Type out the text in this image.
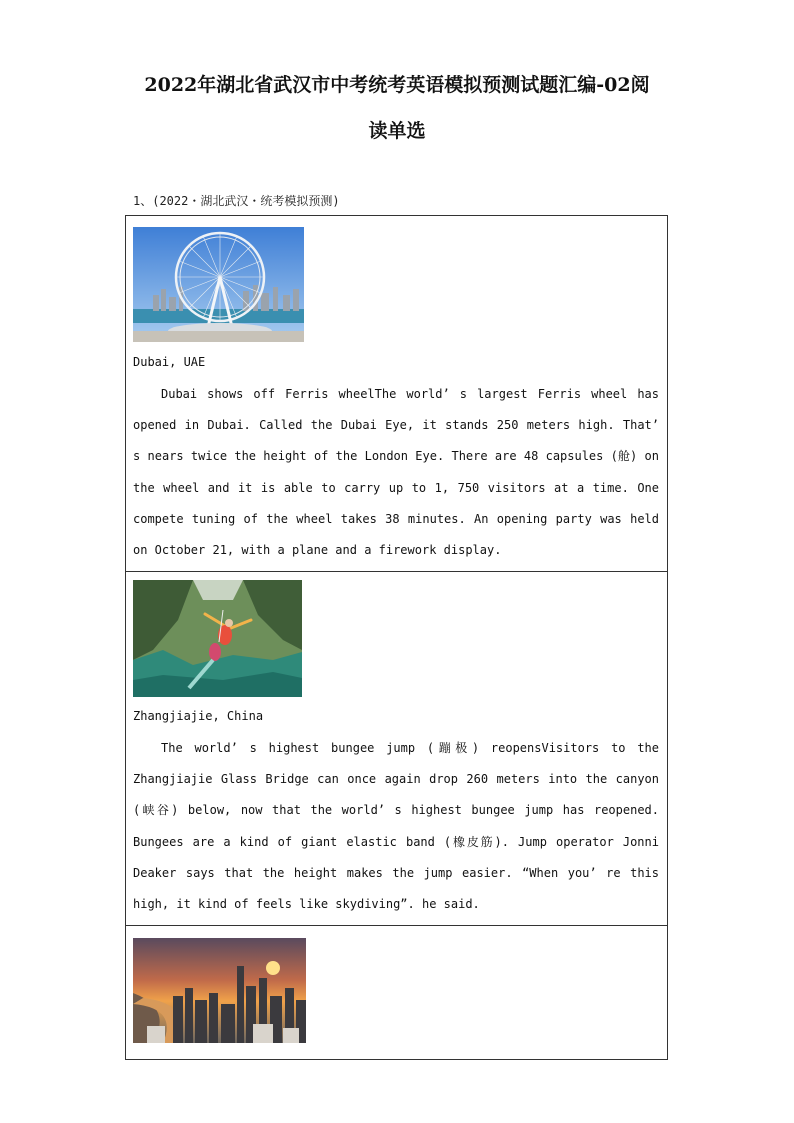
2022年湖北省武汉市中考统考英语模拟预测试题汇编-02阅
读单选
1、(2022・湖北武汉・统考模拟预测)
Dubai, UAE
Dubai shows off Ferris wheelThe world’ s largest Ferris wheel has opened in Dubai. Called the Dubai Eye, it stands 250 meters high. That’ s nears twice the height of the London Eye. There are 48 capsules (舱) on the wheel and it is able to carry up to 1, 750 visitors at a time. One compete tuning of the wheel takes 38 minutes. An opening party was held on October 21, with a plane and a firework display.
Zhangjiajie, China
The world’ s highest bungee jump (蹦极) reopensVisitors to the Zhangjiajie Glass Bridge can once again drop 260 meters into the canyon (峡谷) below, now that the world’ s highest bungee jump has reopened. Bungees are a kind of giant elastic band (橡皮筋). Jump operator Jonni Deaker says that the height makes the jump easier. “When you’ re this high, it kind of feels like skydiving”. he said.
